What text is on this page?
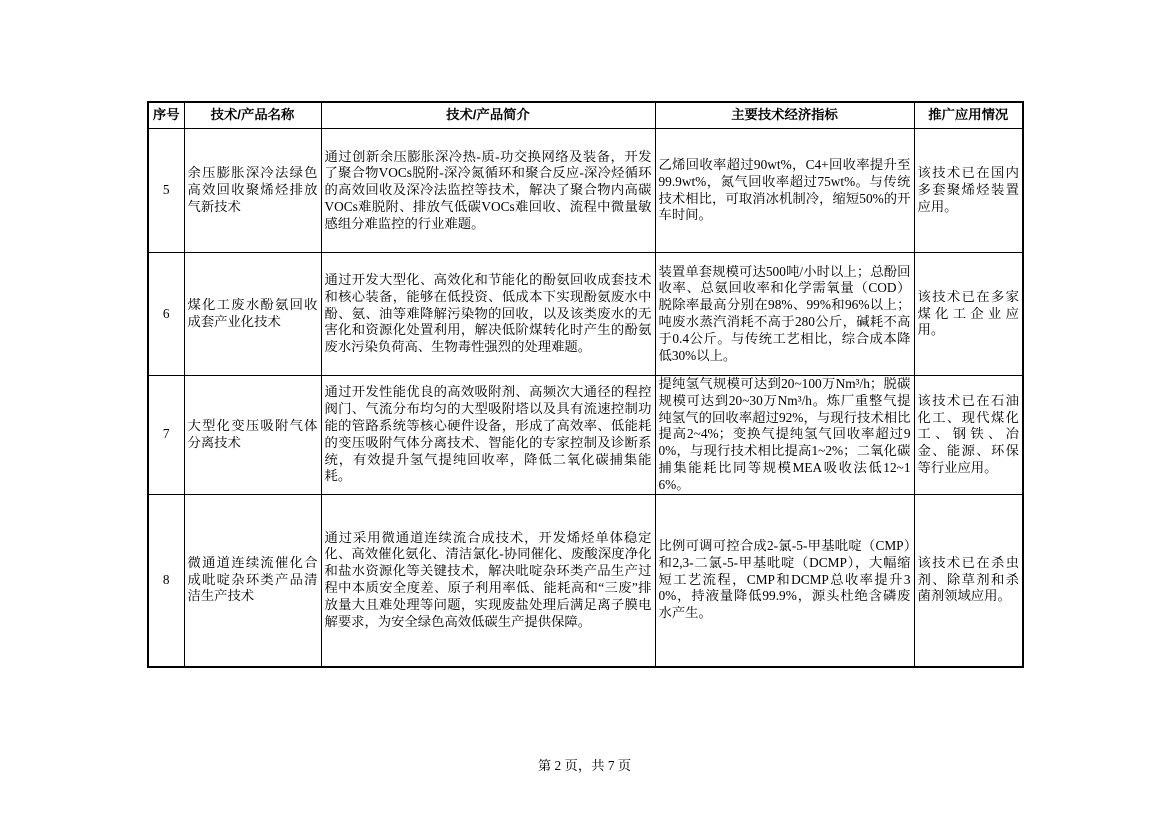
序号	技术/产品名称	技术/产品简介	主要技术经济指标	推广应用情况
5	余压膨胀深冷法绿色高效回收聚烯烃排放气新技术	通过创新余压膨胀深冷热-质-功交换网络及装备，开发了聚合物VOCs脱附-深冷氮循环和聚合反应-深冷烃循环的高效回收及深冷法监控等技术，解决了聚合物内高碳VOCs难脱附、排放气低碳VOCs难回收、流程中微量敏感组分难监控的行业难题。	乙烯回收率超过90wt%，C4+回收率提升至99.9wt%，氮气回收率超过75wt%。与传统技术相比，可取消冰机制冷，缩短50%的开车时间。	该技术已在国内多套聚烯烃装置应用。
6	煤化工废水酚氨回收成套产业化技术	通过开发大型化、高效化和节能化的酚氨回收成套技术和核心装备，能够在低投资、低成本下实现酚氨废水中酚、氨、油等难降解污染物的回收，以及该类废水的无害化和资源化处置利用，解决低阶煤转化时产生的酚氨废水污染负荷高、生物毒性强烈的处理难题。	装置单套规模可达500吨/小时以上；总酚回收率、总氨回收率和化学需氧量（COD）脱除率最高分别在98%、99%和96%以上；吨废水蒸汽消耗不高于280公斤，碱耗不高于0.4公斤。与传统工艺相比，综合成本降低30%以上。	该技术已在多家煤化工企业应用。
7	大型化变压吸附气体分离技术	通过开发性能优良的高效吸附剂、高频次大通径的程控阀门、气流分布均匀的大型吸附塔以及具有流速控制功能的管路系统等核心硬件设备，形成了高效率、低能耗的变压吸附气体分离技术、智能化的专家控制及诊断系统，有效提升氢气提纯回收率，降低二氧化碳捕集能耗。	提纯氢气规模可达到20~100万Nm³/h；脱碳规模可达到20~30万Nm³/h。炼厂重整气提纯氢气的回收率超过92%，与现行技术相比提高2~4%；变换气提纯氢气回收率超过90%，与现行技术相比提高1~2%；二氧化碳捕集能耗比同等规模MEA吸收法低12~16%。	该技术已在石油化工、现代煤化工、钢铁、冶金、能源、环保等行业应用。
8	微通道连续流催化合成吡啶杂环类产品清洁生产技术	通过采用微通道连续流合成技术，开发烯烃单体稳定化、高效催化氨化、清洁氯化-协同催化、废酸深度净化和盐水资源化等关键技术，解决吡啶杂环类产品生产过程中本质安全度差、原子利用率低、能耗高和“三废”排放量大且难处理等问题，实现废盐处理后满足离子膜电解要求，为安全绿色高效低碳生产提供保障。	比例可调可控合成2-氯-5-甲基吡啶（CMP）和2,3-二氯-5-甲基吡啶（DCMP），大幅缩短工艺流程，CMP和DCMP总收率提升30%，持液量降低99.9%，源头杜绝含磷废水产生。	该技术已在杀虫剂、除草剂和杀菌剂领域应用。
第 2 页，共 7 页
